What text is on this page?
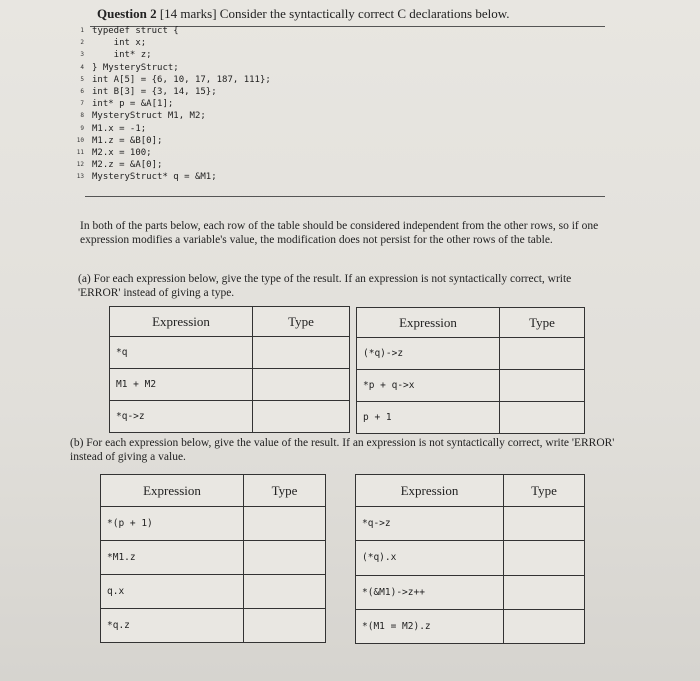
Question 2 [14 marks] Consider the syntactically correct C declarations below.
1 typedef struct {
2 int x;
3 int* z;
4 } MysteryStruct;
5 int A[5] = {6, 10, 17, 187, 111};
6 int B[3] = {3, 14, 15};
7 int* p = &A[1];
8 MysteryStruct M1, M2;
9 M1.x = -1;
10 M1.z = &B[0];
11 M2.x = 100;
12 M2.z = &A[0];
13 MysteryStruct* q = &M1;
In both of the parts below, each row of the table should be considered independent from the other rows, so if one expression modifies a variable's value, the modification does not persist for the other rows of the table.
(a) For each expression below, give the type of the result. If an expression is not syntactically correct, write 'ERROR' instead of giving a type.
Expression	Type
*q	
M1 + M2	
*q->z	
Expression	Type
(*q)->z	
*p + q->x	
p + 1	
(b) For each expression below, give the value of the result. If an expression is not syntactically correct, write 'ERROR' instead of giving a value.
Expression	Type
*(p + 1)	
*M1.z	
q.x	
*q.z	
Expression	Type
*q->z	
(*q).x	
*(&M1)->z++	
*(M1 = M2).z	
